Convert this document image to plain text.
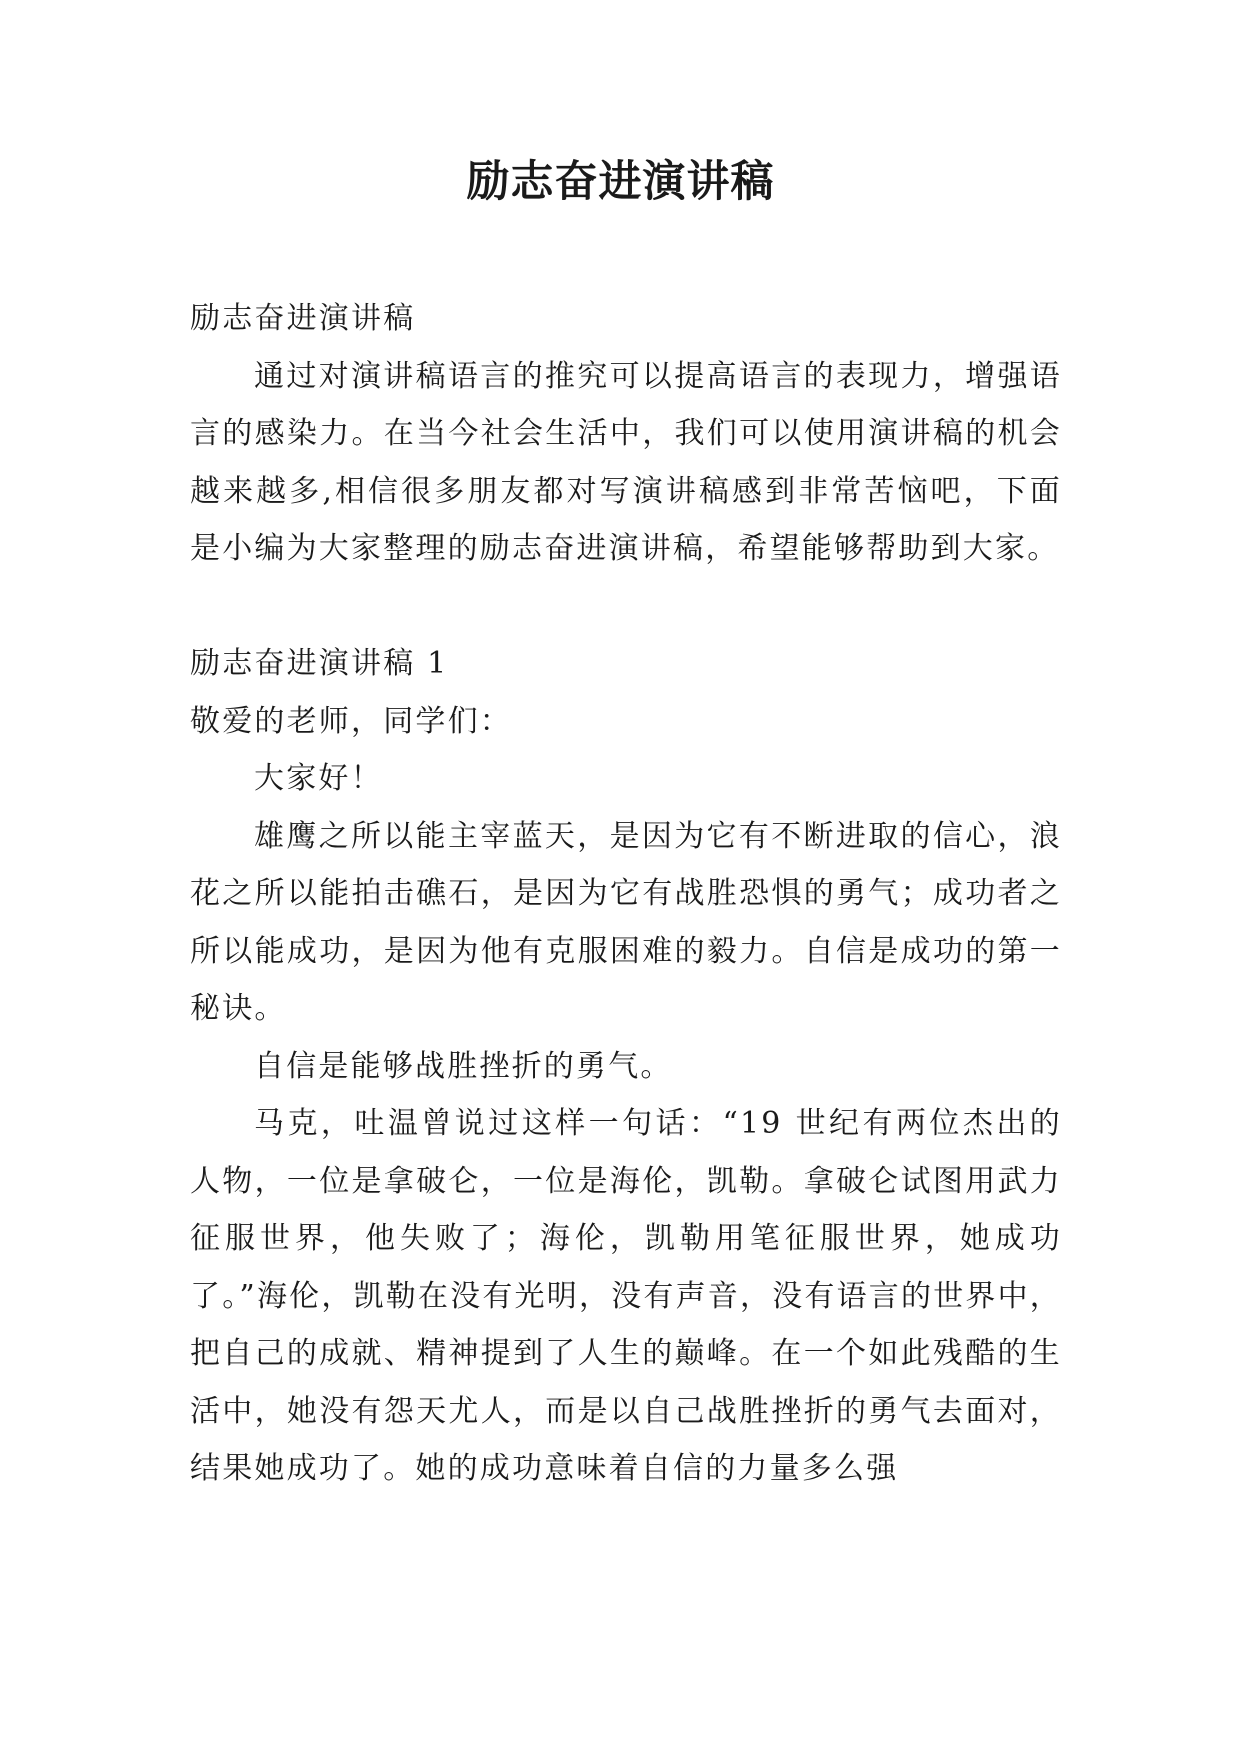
励志奋进演讲稿

励志奋进演讲稿

通过对演讲稿语言的推究可以提高语言的表现力，增强语言的感染力。在当今社会生活中，我们可以使用演讲稿的机会越来越多,相信很多朋友都对写演讲稿感到非常苦恼吧，下面是小编为大家整理的励志奋进演讲稿，希望能够帮助到大家。

励志奋进演讲稿 1

敬爱的老师，同学们：

大家好！

雄鹰之所以能主宰蓝天，是因为它有不断进取的信心，浪花之所以能拍击礁石，是因为它有战胜恐惧的勇气；成功者之所以能成功，是因为他有克服困难的毅力。自信是成功的第一秘诀。

自信是能够战胜挫折的勇气。

马克，吐温曾说过这样一句话：“19 世纪有两位杰出的人物，一位是拿破仑，一位是海伦，凯勒。拿破仑试图用武力征服世界，他失败了；海伦，凯勒用笔征服世界，她成功了。”海伦，凯勒在没有光明，没有声音，没有语言的世界中，把自己的成就、精神提到了人生的巅峰。在一个如此残酷的生活中，她没有怨天尤人，而是以自己战胜挫折的勇气去面对，结果她成功了。她的成功意味着自信的力量多么强
